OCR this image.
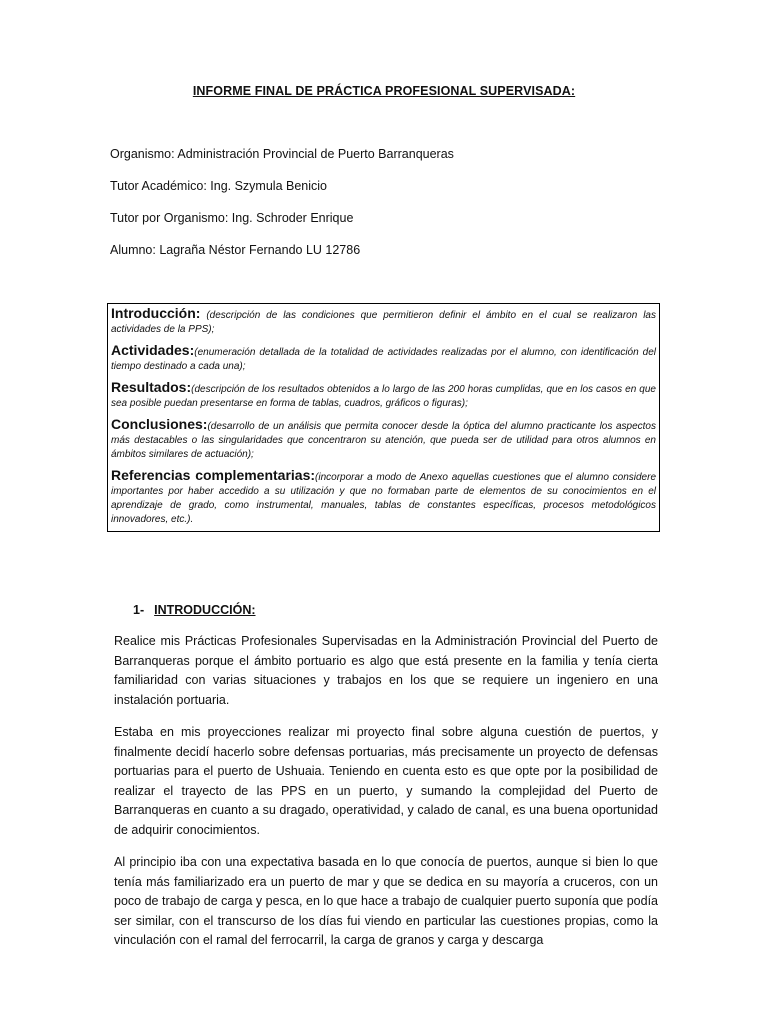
INFORME FINAL DE PRÁCTICA PROFESIONAL SUPERVISADA:
Organismo: Administración Provincial de Puerto Barranqueras
Tutor Académico: Ing. Szymula Benicio
Tutor por Organismo: Ing. Schroder Enrique
Alumno: Lagraña Néstor Fernando LU 12786

Introducción: (descripción de las condiciones que permitieron definir el ámbito en el cual se realizaron las actividades de la PPS);

Actividades:(enumeración detallada de la totalidad de actividades realizadas por el alumno, con identificación del tiempo destinado a cada una);

Resultados:(descripción de los resultados obtenidos a lo largo de las 200 horas cumplidas, que en los casos en que sea posible puedan presentarse en forma de tablas, cuadros, gráficos o figuras);

Conclusiones:(desarrollo de un análisis que permita conocer desde la óptica del alumno practicante los aspectos más destacables o las singularidades que concentraron su atención, que pueda ser de utilidad para otros alumnos en ámbitos similares de actuación);

Referencias complementarias:(incorporar a modo de Anexo aquellas cuestiones que el alumno considere importantes por haber accedido a su utilización y que no formaban parte de elementos de su conocimientos en el aprendizaje de grado, como instrumental, manuales, tablas de constantes específicas, procesos metodológicos innovadores, etc.).

1- INTRODUCCIÓN:

Realice mis Prácticas Profesionales Supervisadas en la Administración Provincial del Puerto de Barranqueras porque el ámbito portuario es algo que está presente en la familia y tenía cierta familiaridad con varias situaciones y trabajos en los que se requiere un ingeniero en una instalación portuaria.

Estaba en mis proyecciones realizar mi proyecto final sobre alguna cuestión de puertos, y finalmente decidí hacerlo sobre defensas portuarias, más precisamente un proyecto de defensas portuarias para el puerto de Ushuaia. Teniendo en cuenta esto es que opte por la posibilidad de realizar el trayecto de las PPS en un puerto, y sumando la complejidad del Puerto de Barranqueras en cuanto a su dragado, operatividad, y calado de canal, es una buena oportunidad de adquirir conocimientos.

Al principio iba con una expectativa basada en lo que conocía de puertos, aunque si bien lo que tenía más familiarizado era un puerto de mar y que se dedica en su mayoría a cruceros, con un poco de trabajo de carga y pesca, en lo que hace a trabajo de cualquier puerto suponía que podía ser similar, con el transcurso de los días fui viendo en particular las cuestiones propias, como la vinculación con el ramal del ferrocarril, la carga de granos y carga y descarga
